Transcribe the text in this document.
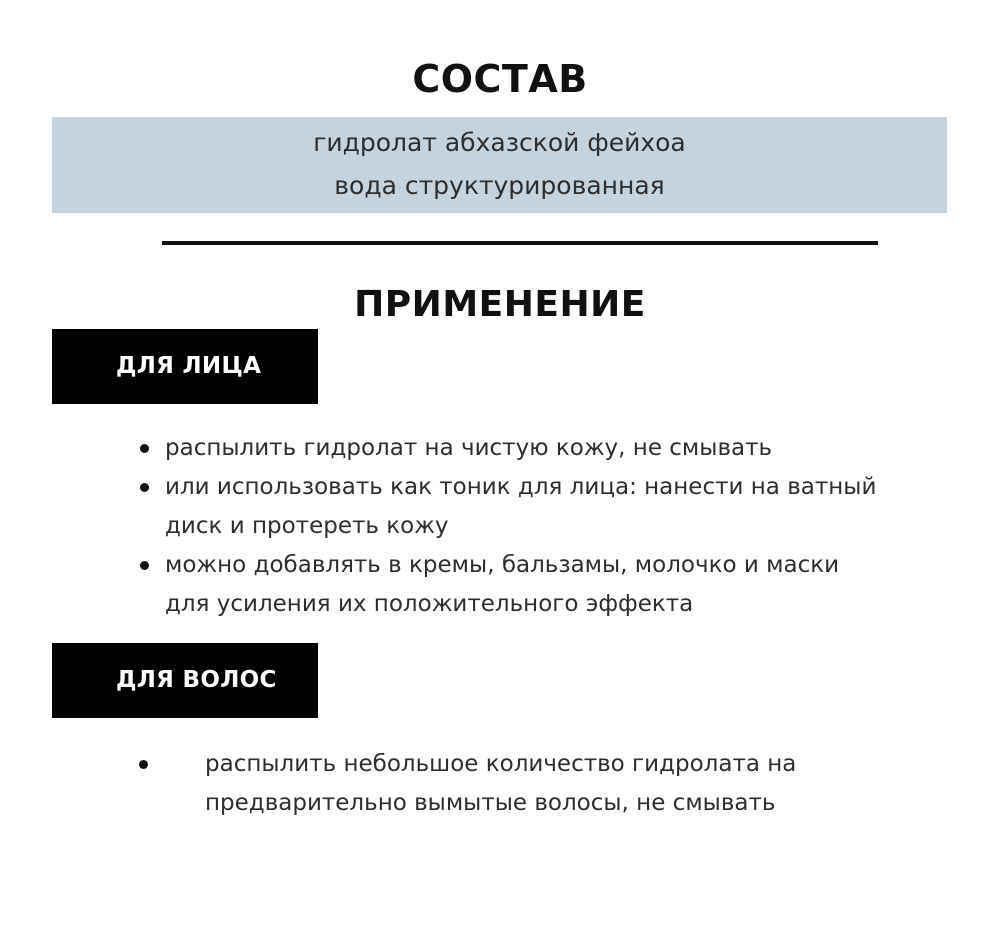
СОСТАВ
гидролат абхазской фейхоа
вода структурированная
ПРИМЕНЕНИЕ
ДЛЯ ЛИЦА
распылить гидролат на чистую кожу, не смывать
или использовать как тоник для лица: нанести на ватный диск и протереть кожу
можно добавлять в кремы, бальзамы, молочко и маски для усиления их положительного эффекта
ДЛЯ ВОЛОС
распылить небольшое количество гидролата на предварительно вымытые волосы, не смывать
